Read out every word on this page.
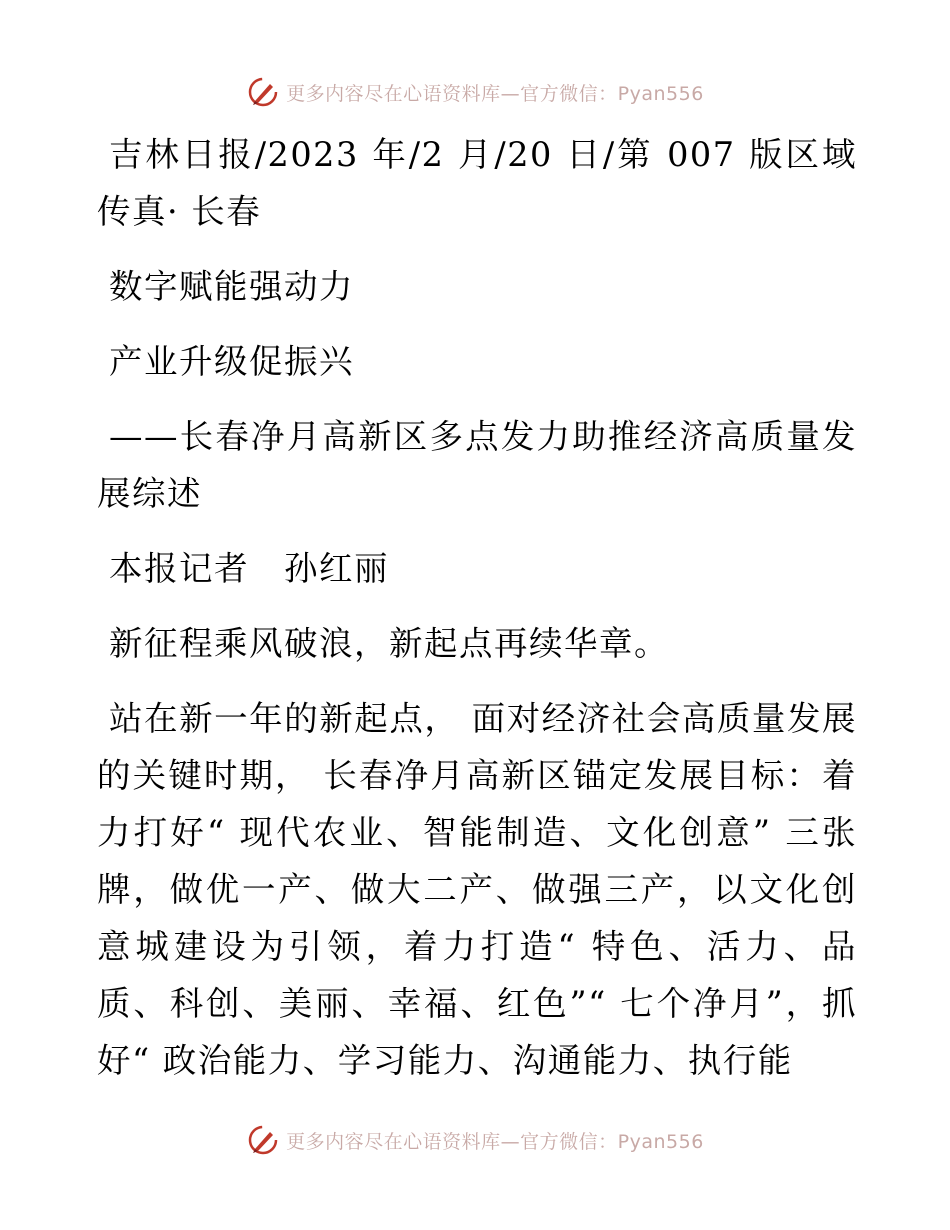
更多内容尽在心语资料库—官方微信：Pyan556

吉林日报/2023 年/2 月/20 日/第 007 版区域传真· 长春

数字赋能强动力

产业升级促振兴

——长春净月高新区多点发力助推经济高质量发展综述

本报记者　孙红丽

新征程乘风破浪，新起点再续华章。

站在新一年的新起点， 面对经济社会高质量发展的关键时期， 长春净月高新区锚定发展目标：着力打好“ 现代农业、智能制造、文化创意” 三张牌，做优一产、做大二产、做强三产，以文化创意城建设为引领，着力打造“ 特色、活力、品质、科创、美丽、幸福、红色”“ 七个净月”，抓好“ 政治能力、学习能力、沟通能力、执行能

更多内容尽在心语资料库—官方微信：Pyan556
